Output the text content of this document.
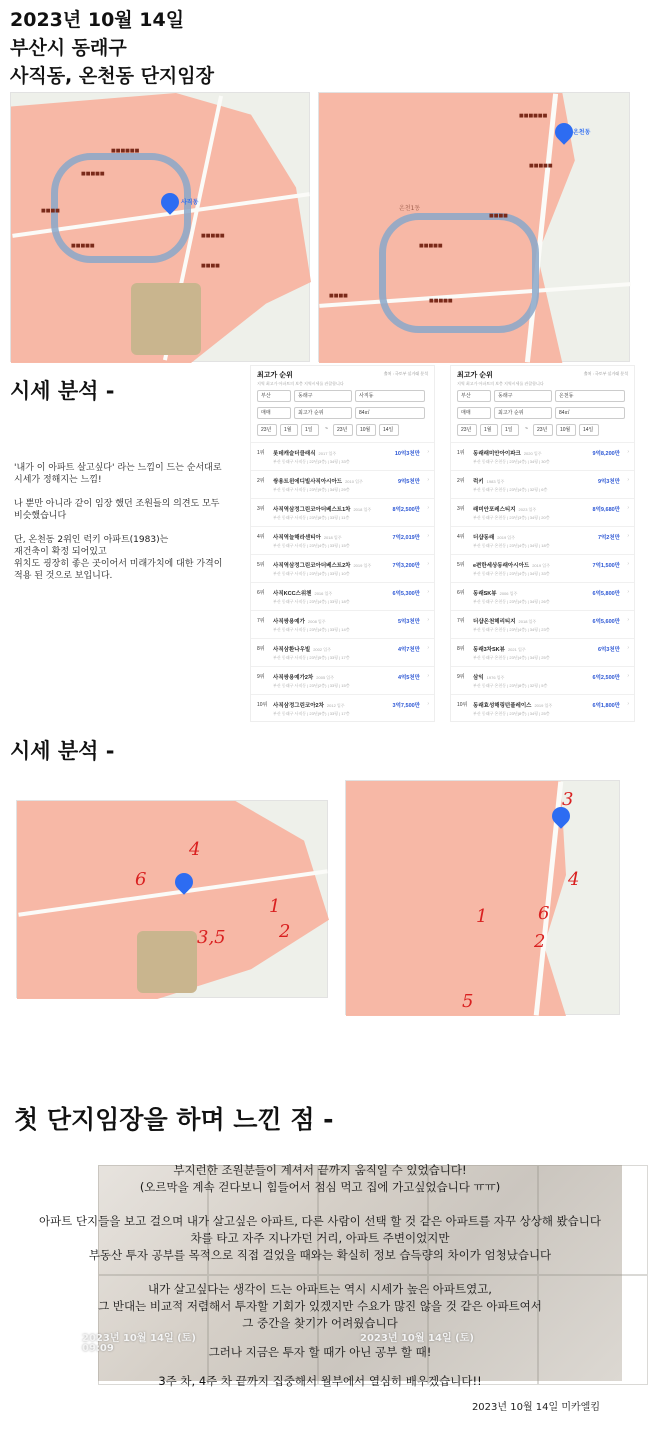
2023년 10월 14일
부산시 동래구
사직동, 온천동 단지임장
사직동
■■■■■■
■■■■■
■■■■
■■■■■
■■■■■
■■■■
온천동
온천1동
■■■■■■
■■■■■
■■■■
■■■■■
■■■■
■■■■■
시세 분석 -
'내가 이 아파트 살고싶다' 라는 느낌이 드는 순서대로
시세가 정해지는 느낌!
나 뿐만 아니라 같이 임장 했던 조원들의 의견도 모두
비슷했습니다
단, 온천동 2위인 럭키 아파트(1983)는
재건축이 확정 되어있고
위치도 굉장히 좋은 곳이어서 미래가치에 대한 가격이
적용 된 것으로 보입니다.
최고가 순위	출처 : 국토부 실거래 분석
지역 최고가 아파트의 보충 지역시세를 관찰합니다
부산	동래구	사직동
매매	최고가 순위	84㎡
23년	1월	1일	~	23년	10월	14일
1위 롯데캐슬더클래식 2017 입주
부산 동래구 사직동 | 22년(3층) | 34평 | 33층
10억3천만 ›
2위 쌍용트윈에디빌사직아시아드 2010 입주
부산 동래구 사직동 | 23년(9층) | 34평 | 29층
9억5천만 ›
3위 사직역삼정그린코아더베스트1차 2018 입주
부산 동래구 사직동 | 23년(8층) | 33평 | 11층
8억2,500만 ›
4위 사직역늘해라센티아 2018 입주
부산 동래구 사직동 | 23년(4층) | 33평 | 15층
7억2,019만 ›
5위 사직역삼정그린코아더베스트2차 2019 입주
부산 동래구 사직동 | 23년(4층) | 33평 | 10층
7억3,200만 ›
6위 사직KCC스위첸 2016 입주
부산 동래구 사직동 | 23년(4층) | 33평 | 18층
6억5,300만 ›
7위 사직쌍용예가 2008 입주
부산 동래구 사직동 | 23년(4층) | 33평 | 14층
5억3천만 ›
8위 사직삼환나우빌 2002 입주
부산 동래구 사직동 | 23년(5층) | 33평 | 17층
4억7천만 ›
9위 사직쌍용예가2차 2005 입주
부산 동래구 사직동 | 23년(2층) | 33평 | 15층
4억5천만 ›
10위 사직삼정그린코아2차 2012 입주
부산 동래구 사직동 | 23년(9층) | 33평 | 17층
3억7,500만 ›
최고가 순위	출처 : 국토부 실거래 분석
지역 최고가 아파트의 보충 지역시세를 관찰합니다
부산	동래구	온천동
매매	최고가 순위	84㎡
23년	1월	1일	~	23년	10월	14일
1위 동래래미안아이파크 2020 입주
부산 동래구 온천동 | 23년(4층) | 34평 | 30층
9억8,200만 ›
2위 럭키 1983 입주
부산 동래구 온천동 | 23년(4층) | 32평 | 6층
9억3천만 ›
3위 래미안포레스티지 2023 입주
부산 동래구 온천동 | 23년(3층) | 34평 | 20층
8억9,680만 ›
4위 더샵동래 2019 입주
부산 동래구 온천동 | 23년(4층) | 34평 | 18층
7억2천만 ›
5위 e편한세상동래아시아드 2019 입주
부산 동래구 온천동 | 23년(4층) | 34평 | 33층
7억1,500만 ›
6위 동래SK뷰 2006 입주
부산 동래구 온천동 | 23년(4층) | 34평 | 26층
6억5,800만 ›
7위 더샵온천헤리티지 2018 입주
부산 동래구 온천동 | 23년(4층) | 34평 | 23층
6억5,600만 ›
8위 동래3차SK뷰 2021 입주
부산 동래구 온천동 | 23년(4층) | 34평 | 25층
6억3천만 ›
9위 삼익 1976 입주
부산 동래구 온천동 | 23년(8층) | 32평 | 5층
6억2,500만 ›
10위 동래효성해링턴플레이스 2019 입주
부산 동래구 온천동 | 23년(8층) | 34평 | 25층
6억1,800만 ›
시세 분석 -
1
2
3,5
4
6
1
2
3
4
5
6
첫 단지임장을 하며 느낀 점 -
2023년 10월 14일 (토)
09:09
2023년 10월 14일 (토)
부지런한 조원분들이 계셔서 끝까지 움직일 수 있었습니다!
(오르막을 계속 걷다보니 힘들어서 점심 먹고 집에 가고싶었습니다 ㅠㅠ)
아파트 단지들을 보고 걸으며 내가 살고싶은 아파트, 다른 사람이 선택 할 것 같은 아파트를 자꾸 상상해 봤습니다
차를 타고 자주 지나가던 거리, 아파트 주변이었지만
부동산 투자 공부를 목적으로 직접 걸었을 때와는 확실히 정보 습득량의 차이가 엄청났습니다
내가 살고싶다는 생각이 드는 아파트는 역시 시세가 높은 아파트였고,
그 반대는 비교적 저렴해서 투자할 기회가 있겠지만 수요가 많진 않을 것 같은 아파트여서
그 중간을 찾기가 어려웠습니다
그러나 지금은 투자 할 때가 아닌 공부 할 때!
3주 차, 4주 차 끝까지 집중해서 월부에서 열심히 배우겠습니다!!
2023년 10월 14일 미카엘킴
